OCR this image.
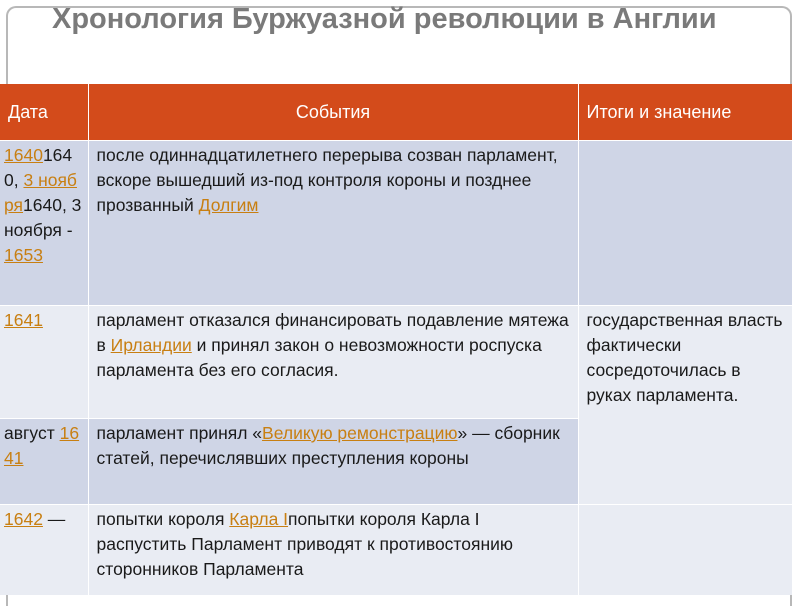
Хронология Буржуазной революции в Англии
Дата	События	Итоги и значение
16401640, 3 ноября1640, 3 ноября - 1653	после одиннадцатилетнего перерыва созван парламент, вскоре вышедший из-под контроля короны и позднее прозванный Долгим	
1641	парламент отказался финансировать подавление мятежа в Ирландии и принял закон о невозможности роспуска парламента без его согласия.	государственная власть фактически сосредоточилась в руках парламента.
август 1641	парламент принял «Великую ремонстрацию» — сборник статей, перечислявших преступления короны	
1642 —	попытки короля Карла Iпопытки короля Карла I распустить Парламент приводят к противостоянию сторонников Парламента	
